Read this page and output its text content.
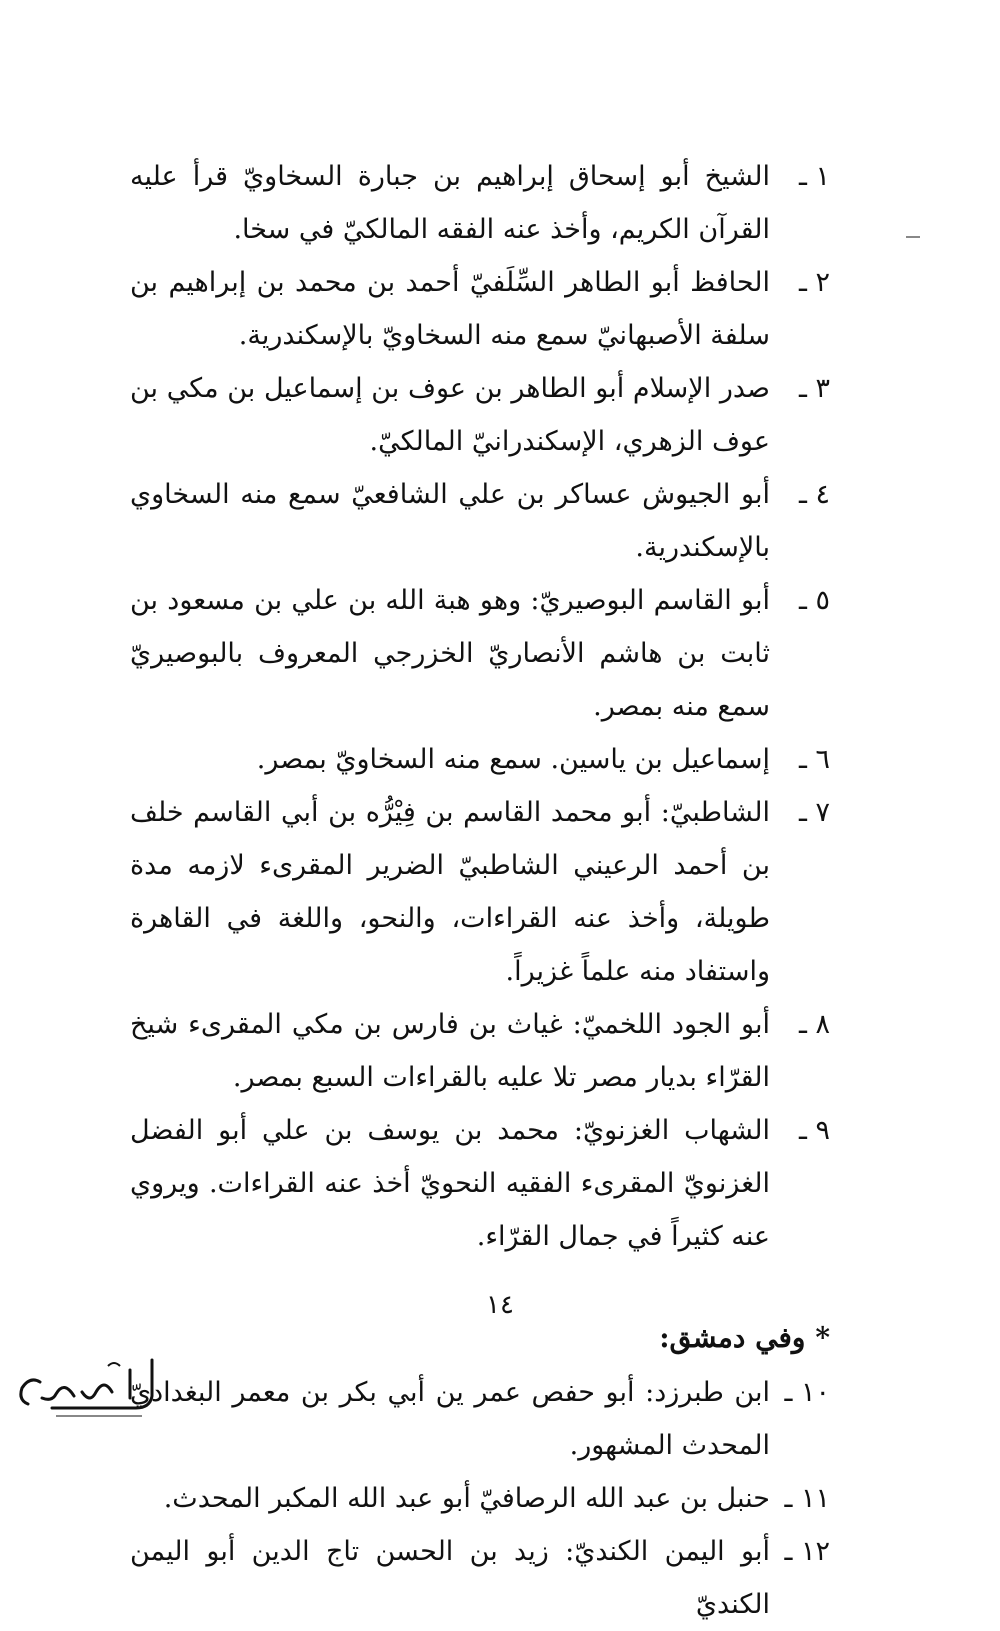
١ ـ
الشيخ أبو إسحاق إبراهيم بن جبارة السخاويّ قرأ عليه القرآن الكريم، وأخذ عنه الفقه المالكيّ في سخا.

٢ ـ
الحافظ أبو الطاهر السِّلَفيّ أحمد بن محمد بن إبراهيم بن سلفة الأصبهانيّ سمع منه السخاويّ بالإسكندرية.

٣ ـ
صدر الإسلام أبو الطاهر بن عوف بن إسماعيل بن مكي بن عوف الزهري، الإسكندرانيّ المالكيّ.

٤ ـ
أبو الجيوش عساكر بن علي الشافعيّ سمع منه السخاوي بالإسكندرية.

٥ ـ
أبو القاسم البوصيريّ: وهو هبة الله بن علي بن مسعود بن ثابت بن هاشم الأنصاريّ الخزرجي المعروف بالبوصيريّ سمع منه بمصر.

٦ ـ
إسماعيل بن ياسين. سمع منه السخاويّ بمصر.

٧ ـ
الشاطبيّ: أبو محمد القاسم بن فِيْرُّه بن أبي القاسم خلف بن أحمد الرعيني الشاطبيّ الضرير المقرىء لازمه مدة طويلة، وأخذ عنه القراءات، والنحو، واللغة في القاهرة واستفاد منه علماً غزيراً.

٨ ـ
أبو الجود اللخميّ: غياث بن فارس بن مكي المقرىء شيخ القرّاء بديار مصر تلا عليه بالقراءات السبع بمصر.

٩ ـ
الشهاب الغزنويّ: محمد بن يوسف بن علي أبو الفضل الغزنويّ المقرىء الفقيه النحويّ أخذ عنه القراءات. ويروي عنه كثيراً في جمال القرّاء.

*
وفي دمشق:

١٠ ـ
ابن طبرزد: أبو حفص عمر ين أبي بكر بن معمر البغداديّ المحدث المشهور.

١١ ـ
حنبل بن عبد الله الرصافيّ أبو عبد الله المكبر المحدث.

١٢ ـ
أبو اليمن الكنديّ: زيد بن الحسن تاج الدين أبو اليمن الكنديّ

١٤
